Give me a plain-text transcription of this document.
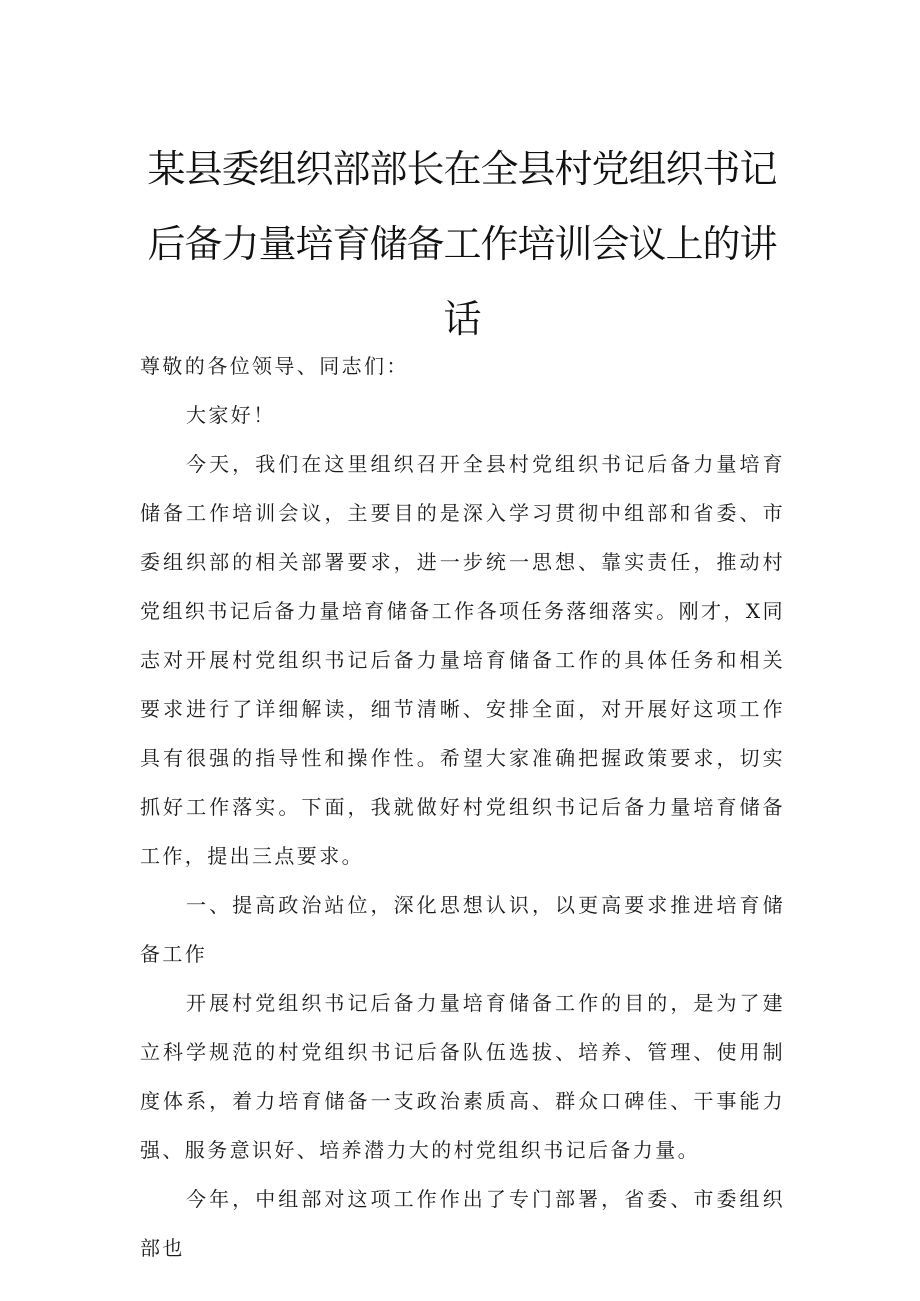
某县委组织部部长在全县村党组织书记后备力量培育储备工作培训会议上的讲话

尊敬的各位领导、同志们：

大家好！

今天，我们在这里组织召开全县村党组织书记后备力量培育储备工作培训会议，主要目的是深入学习贯彻中组部和省委、市委组织部的相关部署要求，进一步统一思想、靠实责任，推动村党组织书记后备力量培育储备工作各项任务落细落实。刚才，X同志对开展村党组织书记后备力量培育储备工作的具体任务和相关要求进行了详细解读，细节清晰、安排全面，对开展好这项工作具有很强的指导性和操作性。希望大家准确把握政策要求，切实抓好工作落实。下面，我就做好村党组织书记后备力量培育储备工作，提出三点要求。

一、提高政治站位，深化思想认识，以更高要求推进培育储备工作

开展村党组织书记后备力量培育储备工作的目的，是为了建立科学规范的村党组织书记后备队伍选拔、培养、管理、使用制度体系，着力培育储备一支政治素质高、群众口碑佳、干事能力强、服务意识好、培养潜力大的村党组织书记后备力量。

今年，中组部对这项工作作出了专门部署，省委、市委组织部也
